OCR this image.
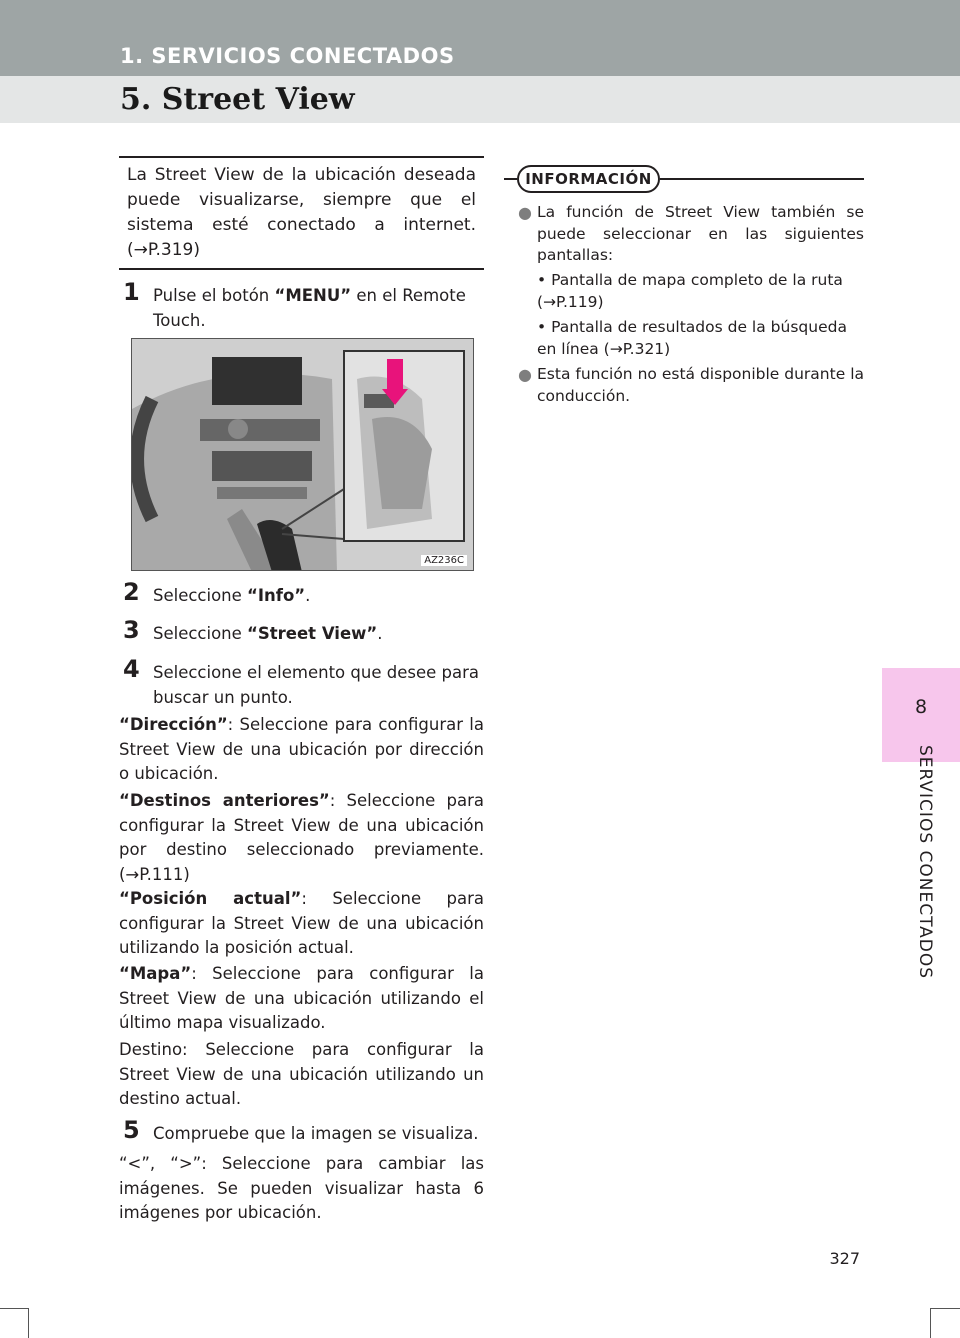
1. SERVICIOS CONECTADOS
5. Street View
8
SERVICIOS CONECTADOS
La Street View de la ubicación deseada puede visualizarse, siempre que el sistema esté conectado a internet. (→P.319)
1 Pulse el botón “MENU” en el Remote Touch.
AZ236C
2 Seleccione “Info”.
3 Seleccione “Street View”.
4 Seleccione el elemento que desee para buscar un punto.
“Dirección”: Seleccione para configurar la Street View de una ubicación por dirección o ubicación.
“Destinos anteriores”: Seleccione para configurar la Street View de una ubicación por destino seleccionado previamente. (→P.111)
“Posición actual”: Seleccione para configurar la Street View de una ubicación utilizando la posición actual.
“Mapa”: Seleccione para configurar la Street View de una ubicación utilizando el último mapa visualizado.
Destino: Seleccione para configurar la Street View de una ubicación utilizando un destino actual.
5 Compruebe que la imagen se visualiza.
“<”, “>”: Seleccione para cambiar las imágenes. Se pueden visualizar hasta 6 imágenes por ubicación.
INFORMACIÓN
● La función de Street View también se puede seleccionar en las siguientes pantallas:
• Pantalla de mapa completo de la ruta (→P.119)
• Pantalla de resultados de la búsqueda en línea (→P.321)
● Esta función no está disponible durante la conducción.
327
